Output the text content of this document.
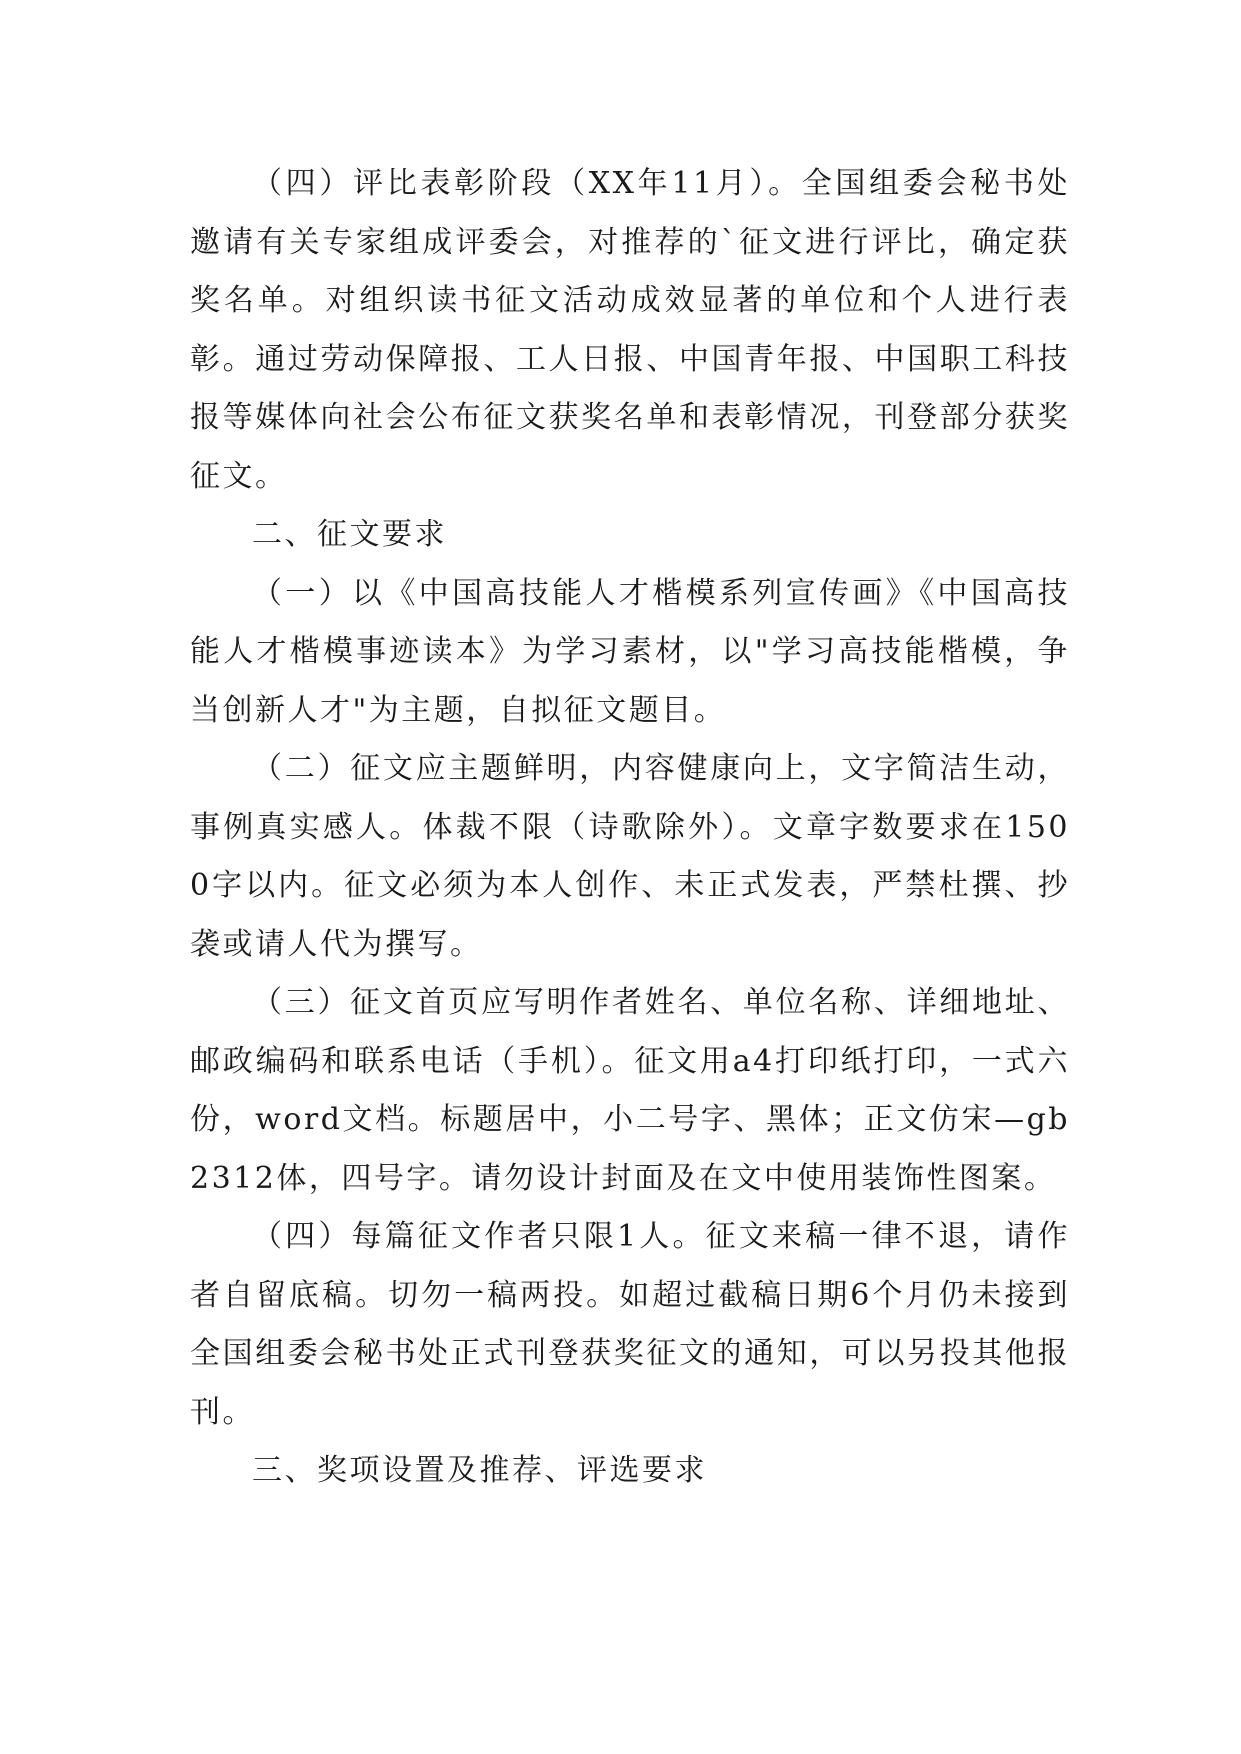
（四）评比表彰阶段（XX年11月）。全国组委会秘书处邀请有关专家组成评委会，对推荐的`征文进行评比，确定获奖名单。对组织读书征文活动成效显著的单位和个人进行表彰。通过劳动保障报、工人日报、中国青年报、中国职工科技报等媒体向社会公布征文获奖名单和表彰情况，刊登部分获奖征文。

二、征文要求

（一）以《中国高技能人才楷模系列宣传画》《中国高技能人才楷模事迹读本》为学习素材，以"学习高技能楷模，争当创新人才"为主题，自拟征文题目。

（二）征文应主题鲜明，内容健康向上，文字简洁生动，事例真实感人。体裁不限（诗歌除外）。文章字数要求在1500字以内。征文必须为本人创作、未正式发表，严禁杜撰、抄袭或请人代为撰写。

（三）征文首页应写明作者姓名、单位名称、详细地址、邮政编码和联系电话（手机）。征文用a4打印纸打印，一式六份，word文档。标题居中，小二号字、黑体；正文仿宋—gb2312体，四号字。请勿设计封面及在文中使用装饰性图案。

（四）每篇征文作者只限1人。征文来稿一律不退，请作者自留底稿。切勿一稿两投。如超过截稿日期6个月仍未接到全国组委会秘书处正式刊登获奖征文的通知，可以另投其他报刊。

三、奖项设置及推荐、评选要求
